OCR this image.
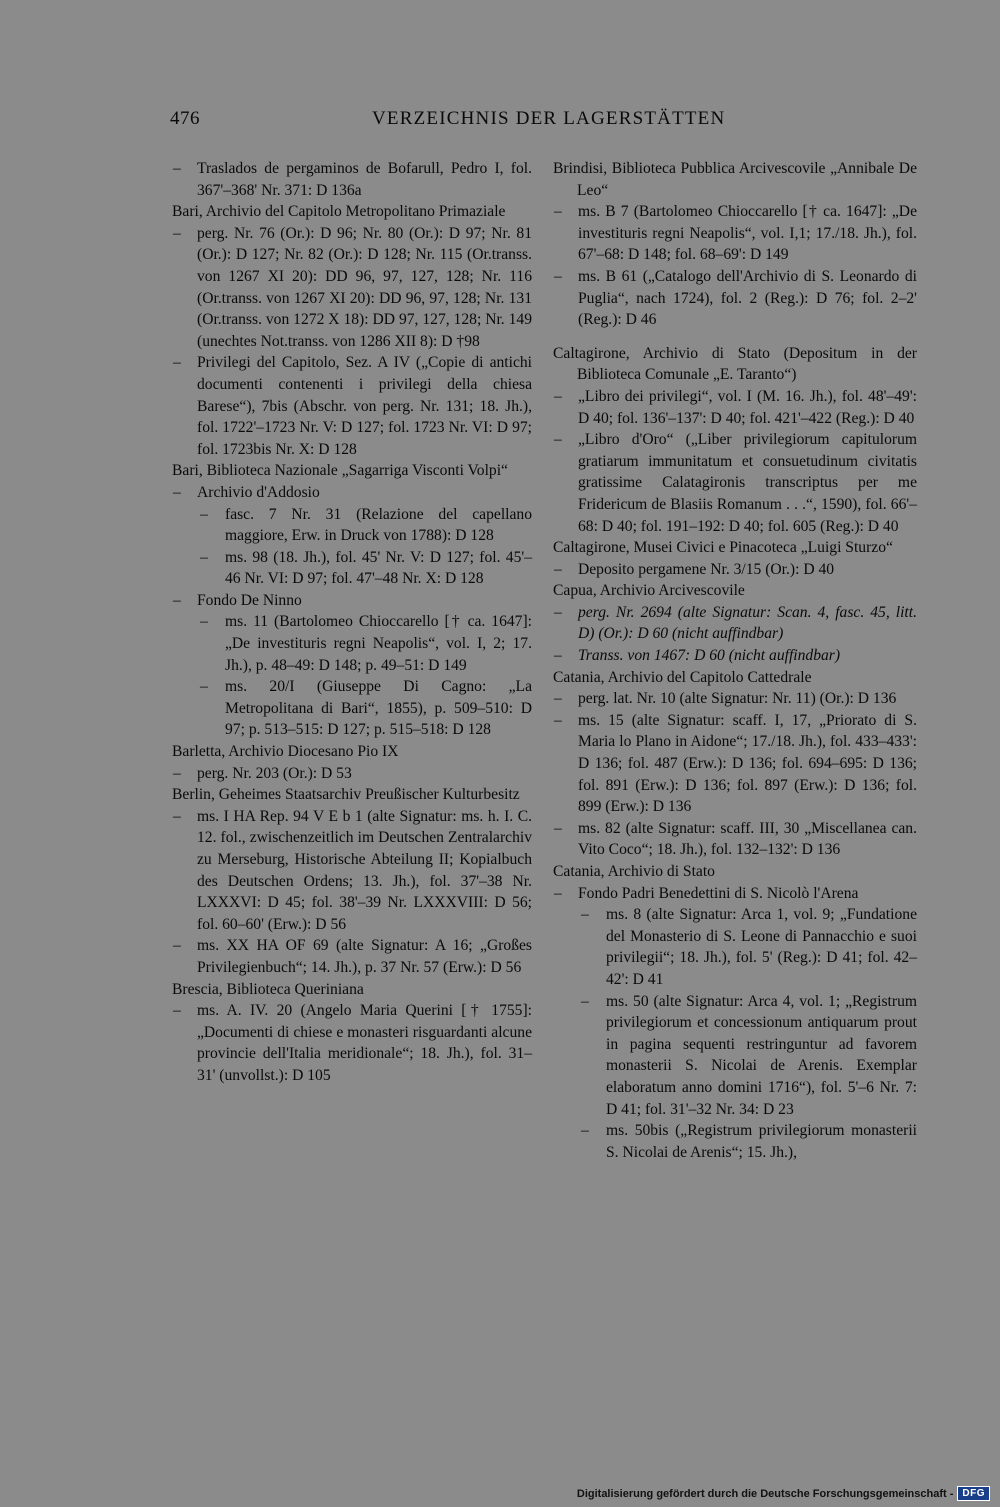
476	VERZEICHNIS DER LAGERSTÄTTEN
– Traslados de pergaminos de Bofarull, Pedro I, fol. 367'–368' Nr. 371: D 136a
Bari, Archivio del Capitolo Metropolitano Primaziale
– perg. Nr. 76 (Or.): D 96; Nr. 80 (Or.): D 97; Nr. 81 (Or.): D 127; Nr. 82 (Or.): D 128; Nr. 115 (Or.transs. von 1267 XI 20): DD 96, 97, 127, 128; Nr. 116 (Or.transs. von 1267 XI 20): DD 96, 97, 128; Nr. 131 (Or.transs. von 1272 X 18): DD 97, 127, 128; Nr. 149 (unechtes Not.transs. von 1286 XII 8): D †98
– Privilegi del Capitolo, Sez. A IV („Copie di antichi documenti contenenti i privilegi della chiesa Barese“), 7bis (Abschr. von perg. Nr. 131; 18. Jh.), fol. 1722'–1723 Nr. V: D 127; fol. 1723 Nr. VI: D 97; fol. 1723bis Nr. X: D 128
Bari, Biblioteca Nazionale „Sagarriga Visconti Volpi“
– Archivio d'Addosio
– fasc. 7 Nr. 31 (Relazione del capellano maggiore, Erw. in Druck von 1788): D 128
– ms. 98 (18. Jh.), fol. 45' Nr. V: D 127; fol. 45'–46 Nr. VI: D 97; fol. 47'–48 Nr. X: D 128
– Fondo De Ninno
– ms. 11 (Bartolomeo Chioccarello [† ca. 1647]: „De investituris regni Neapolis“, vol. I, 2; 17. Jh.), p. 48–49: D 148; p. 49–51: D 149
– ms. 20/I (Giuseppe Di Cagno: „La Metropolitana di Bari“, 1855), p. 509–510: D 97; p. 513–515: D 127; p. 515–518: D 128
Barletta, Archivio Diocesano Pio IX
– perg. Nr. 203 (Or.): D 53
Berlin, Geheimes Staatsarchiv Preußischer Kulturbesitz
– ms. I HA Rep. 94 V E b 1 (alte Signatur: ms. h. I. C. 12. fol., zwischenzeitlich im Deutschen Zentralarchiv zu Merseburg, Historische Abteilung II; Kopialbuch des Deutschen Ordens; 13. Jh.), fol. 37'–38 Nr. LXXXVI: D 45; fol. 38'–39 Nr. LXXXVIII: D 56; fol. 60–60' (Erw.): D 56
– ms. XX HA OF 69 (alte Signatur: A 16; „Großes Privilegienbuch“; 14. Jh.), p. 37 Nr. 57 (Erw.): D 56
Brescia, Biblioteca Queriniana
– ms. A. IV. 20 (Angelo Maria Querini [† 1755]: „Documenti di chiese e monasteri risguardanti alcune provincie dell'Italia meridionale“; 18. Jh.), fol. 31–31' (unvollst.): D 105
Brindisi, Biblioteca Pubblica Arcivescovile „Annibale De Leo“
– ms. B 7 (Bartolomeo Chioccarello [† ca. 1647]: „De investituris regni Neapolis“, vol. I,1; 17./18. Jh.), fol. 67'–68: D 148; fol. 68–69': D 149
– ms. B 61 („Catalogo dell'Archivio di S. Leonardo di Puglia“, nach 1724), fol. 2 (Reg.): D 76; fol. 2–2' (Reg.): D 46
Caltagirone, Archivio di Stato (Depositum in der Biblioteca Comunale „E. Taranto“)
– „Libro dei privilegi“, vol. I (M. 16. Jh.), fol. 48'–49': D 40; fol. 136'–137': D 40; fol. 421'–422 (Reg.): D 40
– „Libro d'Oro“ („Liber privilegiorum capitulorum gratiarum immunitatum et consuetudinum civitatis gratissime Calatagironis transcriptus per me Fridericum de Blasiis Romanum . . .“, 1590), fol. 66'–68: D 40; fol. 191–192: D 40; fol. 605 (Reg.): D 40
Caltagirone, Musei Civici e Pinacoteca „Luigi Sturzo“
– Deposito pergamene Nr. 3/15 (Or.): D 40
Capua, Archivio Arcivescovile
– perg. Nr. 2694 (alte Signatur: Scan. 4, fasc. 45, litt. D) (Or.): D 60 (nicht auffindbar)
– Transs. von 1467: D 60 (nicht auffindbar)
Catania, Archivio del Capitolo Cattedrale
– perg. lat. Nr. 10 (alte Signatur: Nr. 11) (Or.): D 136
– ms. 15 (alte Signatur: scaff. I, 17, „Priorato di S. Maria lo Plano in Aidone“; 17./18. Jh.), fol. 433–433': D 136; fol. 487 (Erw.): D 136; fol. 694–695: D 136; fol. 891 (Erw.): D 136; fol. 897 (Erw.): D 136; fol. 899 (Erw.): D 136
– ms. 82 (alte Signatur: scaff. III, 30 „Miscellanea can. Vito Coco“; 18. Jh.), fol. 132–132': D 136
Catania, Archivio di Stato
– Fondo Padri Benedettini di S. Nicolò l'Arena
– ms. 8 (alte Signatur: Arca 1, vol. 9; „Fundatione del Monasterio di S. Leone di Pannacchio e suoi privilegii“; 18. Jh.), fol. 5' (Reg.): D 41; fol. 42–42': D 41
– ms. 50 (alte Signatur: Arca 4, vol. 1; „Registrum privilegiorum et concessionum antiquarum prout in pagina sequenti restringuntur ad favorem monasterii S. Nicolai de Arenis. Exemplar elaboratum anno domini 1716“), fol. 5'–6 Nr. 7: D 41; fol. 31'–32 Nr. 34: D 23
– ms. 50bis („Registrum privilegiorum monasterii S. Nicolai de Arenis“; 15. Jh.),
Digitalisierung gefördert durch die Deutsche Forschungsgemeinschaft - DFG
